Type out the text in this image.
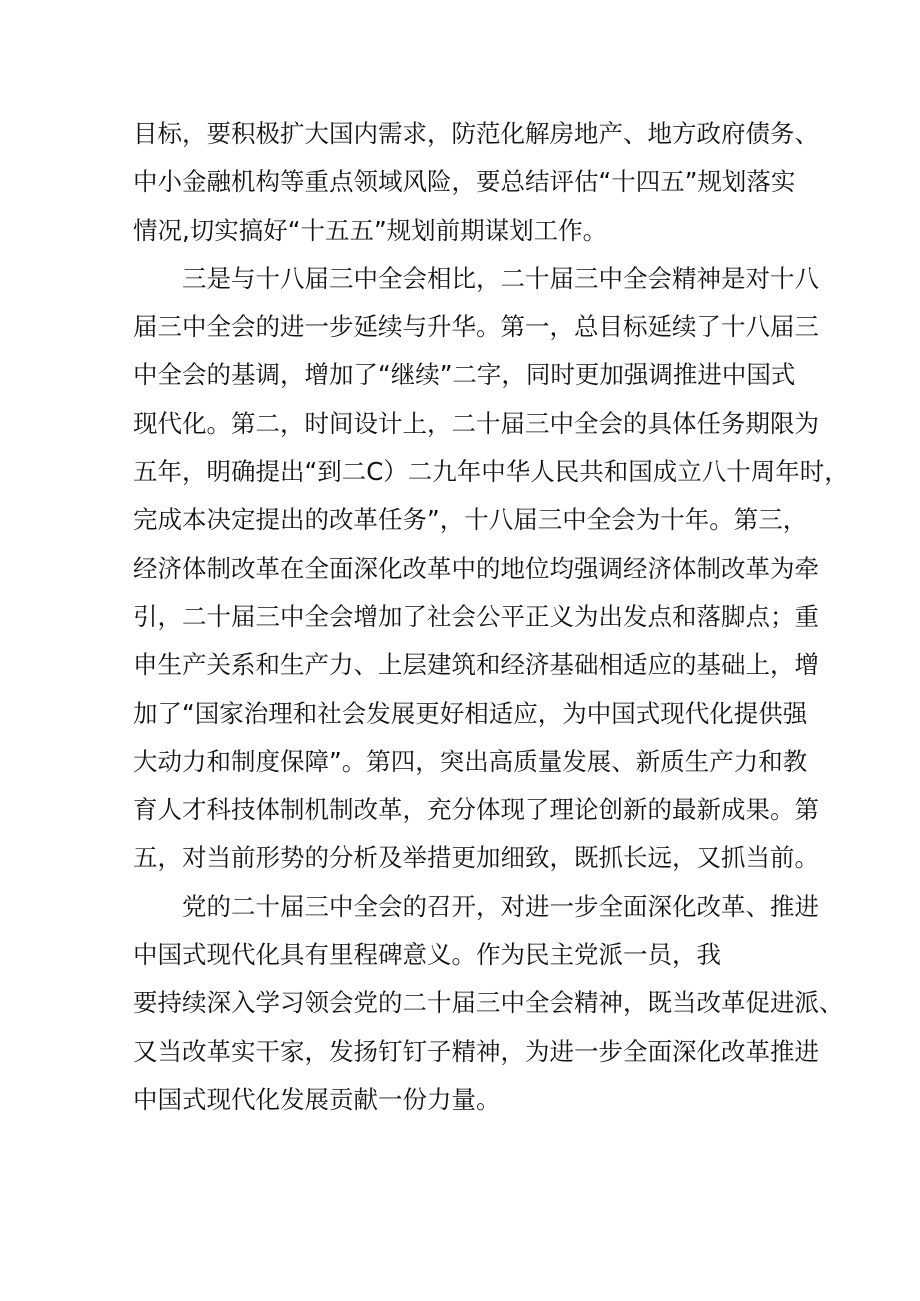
目标，要积极扩大国内需求，防范化解房地产、地方政府债务、
中小金融机构等重点领域风险，要总结评估“十四五”规划落实
情况,切实搞好“十五五”规划前期谋划工作。
三是与十八届三中全会相比，二十届三中全会精神是对十八
届三中全会的进一步延续与升华。第一，总目标延续了十八届三
中全会的基调，增加了“继续”二字，同时更加强调推进中国式
现代化。第二，时间设计上，二十届三中全会的具体任务期限为
五年，明确提出“到二C）二九年中华人民共和国成立八十周年时，
完成本决定提出的改革任务”，十八届三中全会为十年。第三，
经济体制改革在全面深化改革中的地位均强调经济体制改革为牵
引，二十届三中全会增加了社会公平正义为出发点和落脚点；重
申生产关系和生产力、上层建筑和经济基础相适应的基础上，增
加了“国家治理和社会发展更好相适应，为中国式现代化提供强
大动力和制度保障”。第四，突出高质量发展、新质生产力和教
育人才科技体制机制改革，充分体现了理论创新的最新成果。第
五，对当前形势的分析及举措更加细致，既抓长远，又抓当前。
党的二十届三中全会的召开，对进一步全面深化改革、推进
中国式现代化具有里程碑意义。作为民主党派一员，我
要持续深入学习领会党的二十届三中全会精神，既当改革促进派、
又当改革实干家，发扬钉钉子精神，为进一步全面深化改革推进
中国式现代化发展贡献一份力量。
